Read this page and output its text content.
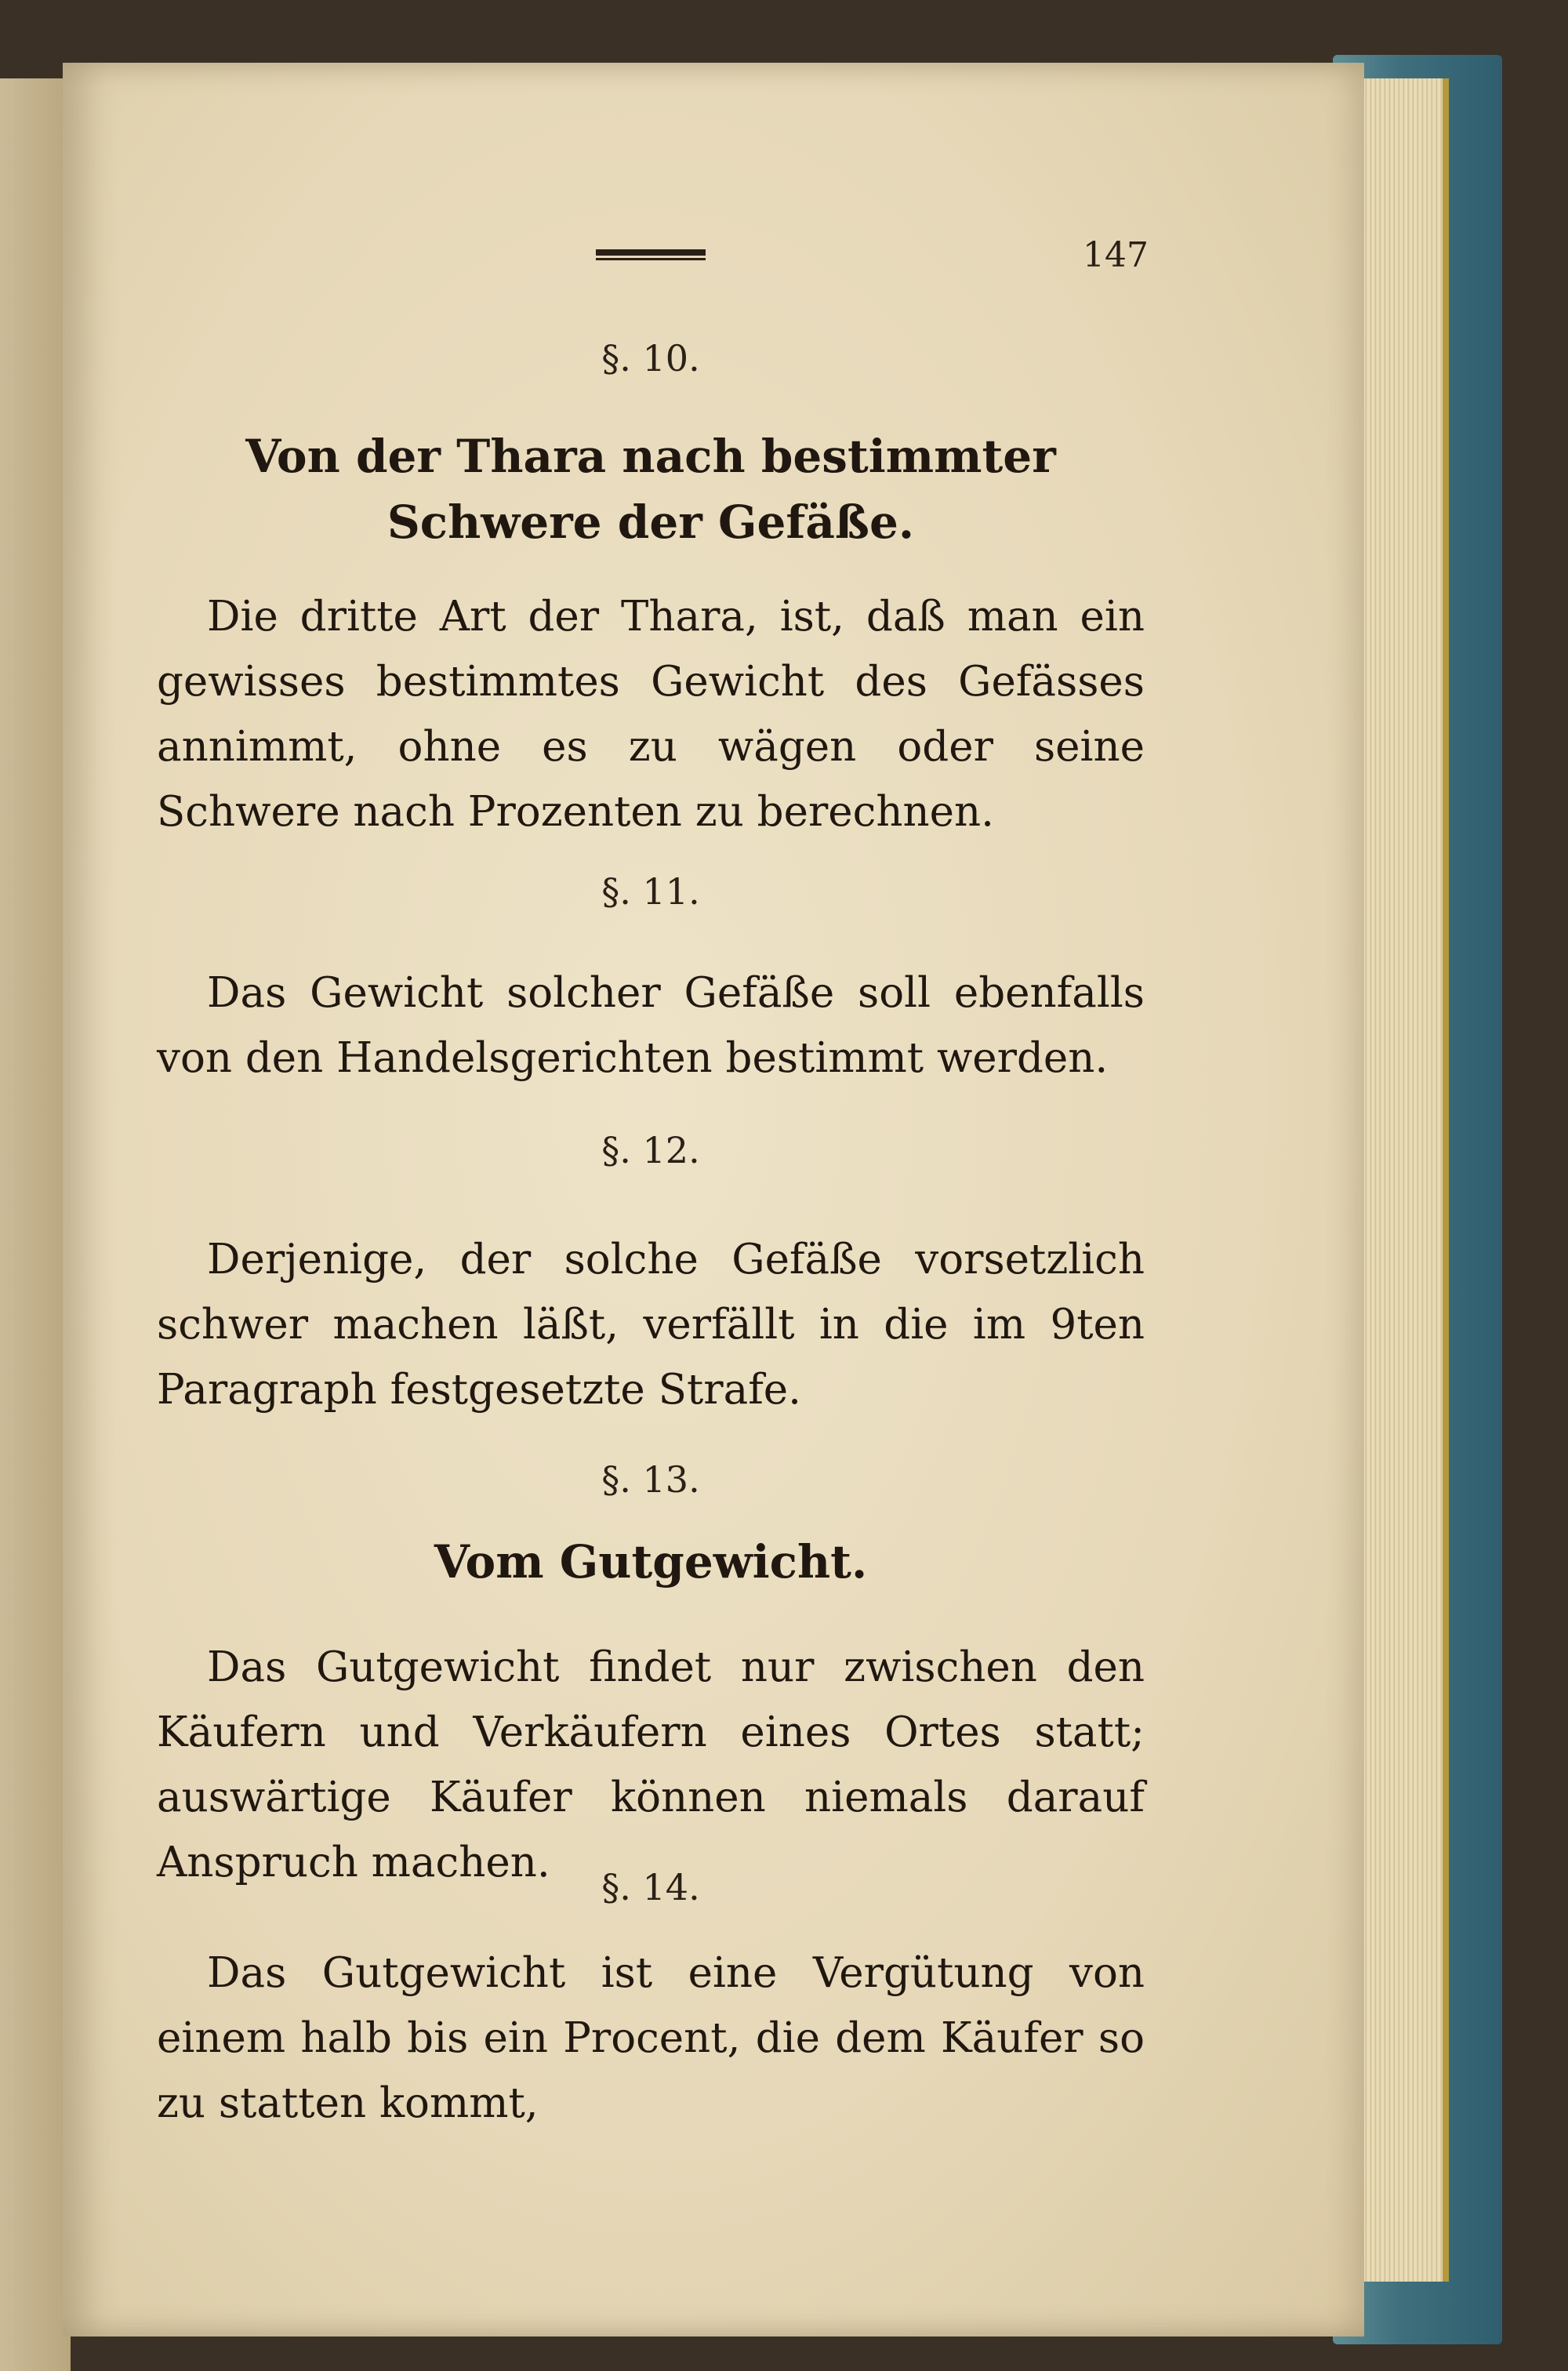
147
§. 10.
Von der Thara nach bestimmter Schwere der Gefäße.
Die dritte Art der Thara, ist, daß man ein gewisses bestimmtes Gewicht des Gefässes annimmt, ohne es zu wägen oder seine Schwere nach Prozenten zu berechnen.
§. 11.
Das Gewicht solcher Gefäße soll ebenfalls von den Handelsgerichten bestimmt werden.
§. 12.
Derjenige, der solche Gefäße vorsetzlich schwer machen läßt, verfällt in die im 9ten Paragraph festgesetzte Strafe.
§. 13.
Vom Gutgewicht.
Das Gutgewicht findet nur zwischen den Käufern und Verkäufern eines Ortes statt; auswärtige Käufer können niemals darauf Anspruch machen.
§. 14.
Das Gutgewicht ist eine Vergütung von einem halb bis ein Procent, die dem Käufer so zu statten kommt,
